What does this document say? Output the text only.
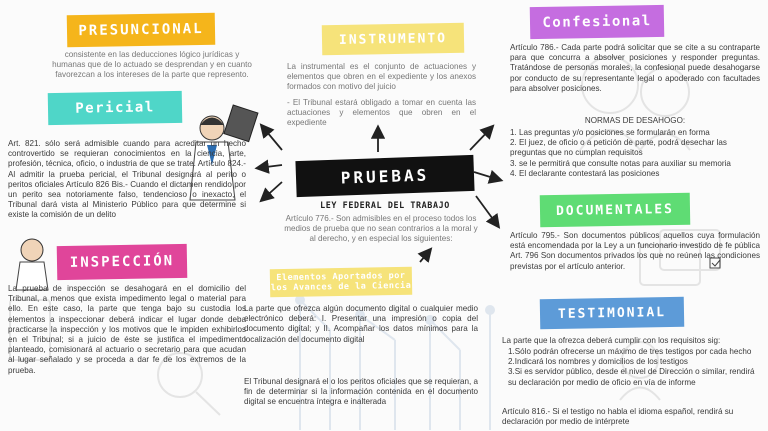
PRESUNCIONAL
consistente en las deducciones lógico jurídicas y humanas que de lo actuado se desprendan y en cuanto favorezcan a los intereses de la parte que represento.
INSTRUMENTO
La instrumental es el conjunto de actuaciones y elementos que obren en el expediente y los anexos formados con motivo del juicio
- El Tribunal estará obligado a tomar en cuenta las actuaciones y elementos que obren en el expediente
Confesional
Artículo 786.- Cada parte podrá solicitar que se cite a su contraparte para que concurra a absolver posiciones y responder preguntas. Tratándose de personas morales, la confesional puede desahogarse por conducto de su representante legal o apoderado con facultades para absolver posiciones.
NORMAS DE DESAHOGO:
1. Las preguntas y/o posiciones se formularán en forma
2. El juez, de oficio o a petición de parte, podrá desechar las preguntas que no cumplan requisitos
3. se le permitirá que consulte notas para auxiliar su memoria
4. El declarante contestará las posiciones
Pericial
Art. 821. sólo será admisible cuando para acreditar un hecho controvertido se requieran conocimientos en la ciencia, arte, profesión, técnica, oficio, o industria de que se trate. Artículo 824.- Al admitir la prueba pericial, el Tribunal designará al perito o peritos oficiales Artículo 826 Bis.- Cuando el dictamen rendido por un perito sea notoriamente falso, tendencioso o inexacto, el Tribunal dará vista al Ministerio Público para que determine si existe la comisión de un delito
PRUEBAS
LEY FEDERAL DEL TRABAJO
Artículo 776.- Son admisibles en el proceso todos los medios de prueba que no sean contrarios a la moral y al derecho, y en especial los siguientes:
DOCUMENTALES
Artículo 795.- Son documentos públicos aquellos cuya formulación está encomendada por la Ley a un funcionario investido de fe pública Art. 796 Son documentos privados los que no reúnen las condiciones previstas por el artículo anterior.
INSPECCIÓN
La prueba de inspección se desahogará en el domicilio del Tribunal, a menos que exista impedimento legal o material para ello. En este caso, la parte que tenga bajo su custodia los elementos a inspeccionar deberá indicar el lugar donde deba practicarse la inspección y los motivos que le impiden exhibirlos en el Tribunal; si a juicio de éste se justifica el impedimento planteado, comisionará al actuario o secretario para que acudan al lugar señalado y se proceda a dar fe de los extremos de la prueba.
Elementos Aportados por los Avances de la Ciencia
La parte que ofrezca algún documento digital o cualquier medio electrónico deberá: I. Presentar una impresión o copia del documento digital; y II. Acompañar los datos mínimos para la localización del documento digital
El Tribunal designará el o los peritos oficiales que se requieran, a fin de determinar si la información contenida en el documento digital se encuentra íntegra e inalterada
TESTIMONIAL
La parte que la ofrezca deberá cumplir con los requisitos sig:
1.Sólo podrán ofrecerse un máximo de tres testigos por cada hecho
2.Indicará los nombres y domicilios de los testigos
3.Si es servidor público, desde el nivel de Dirección o similar, rendirá su declaración por medio de oficio en vía de informe
Artículo 816.- Si el testigo no habla el idioma español, rendirá su declaración por medio de intérprete
